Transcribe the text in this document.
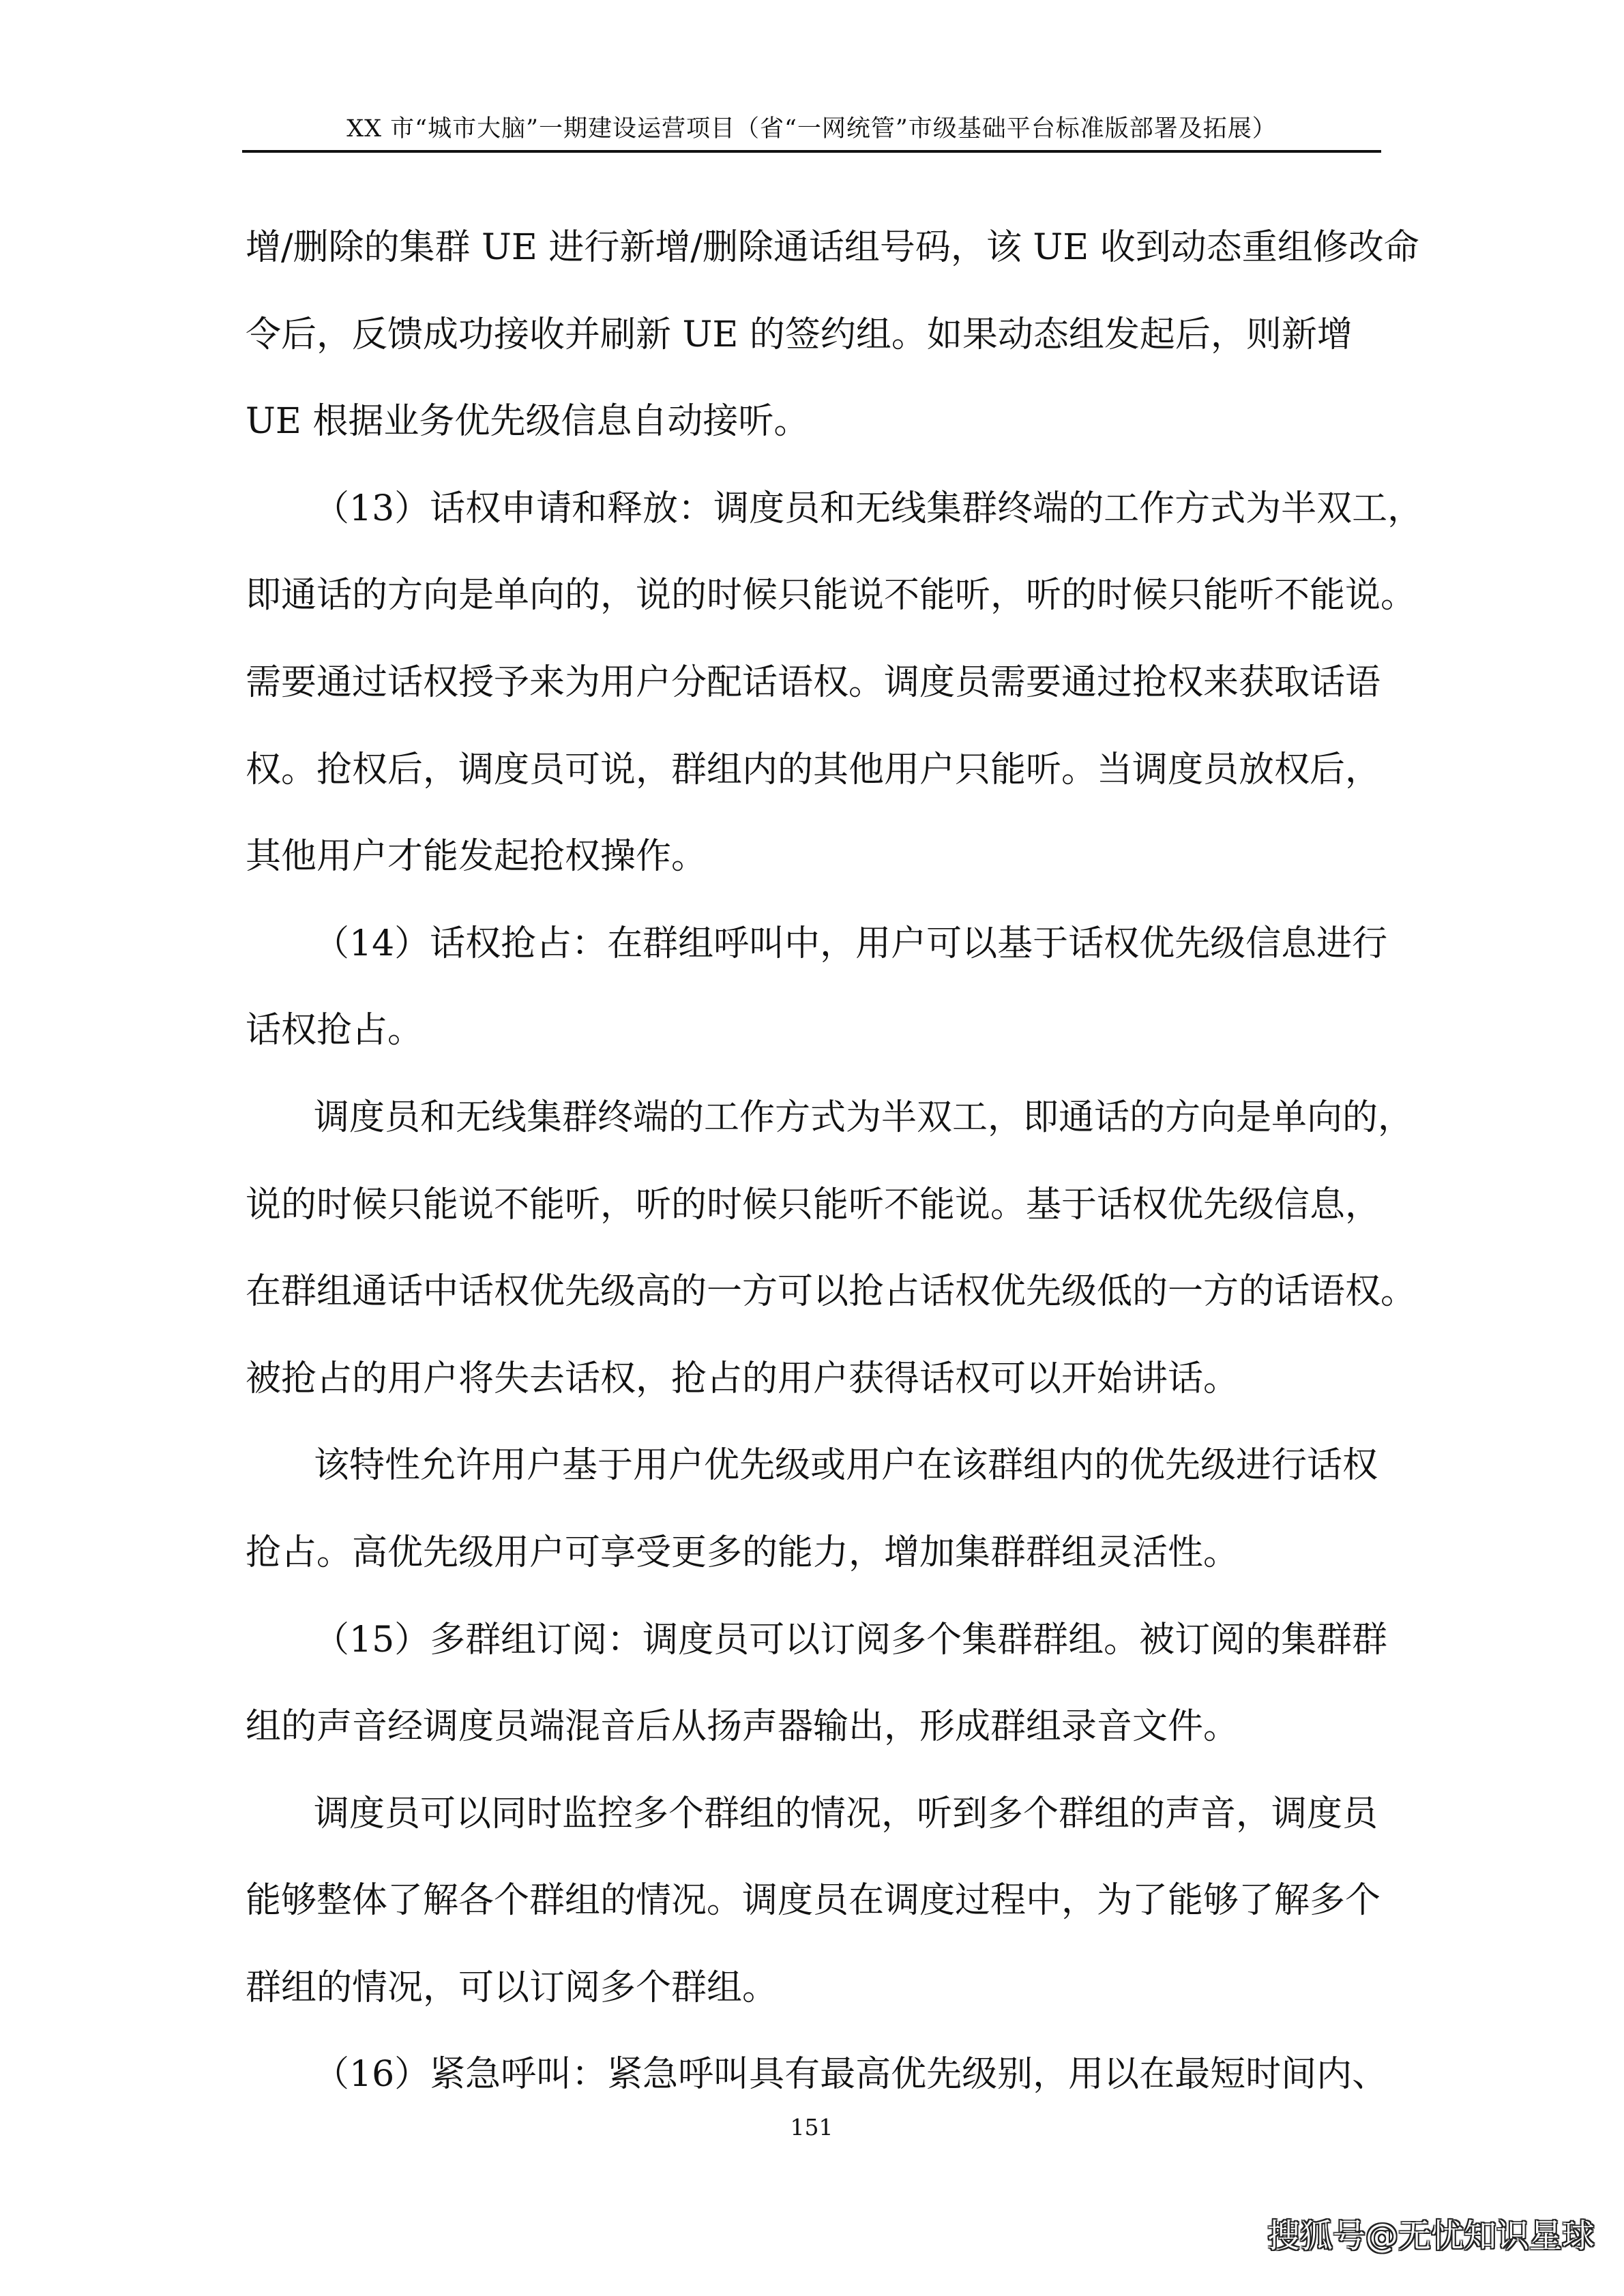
XX 市“城市大脑”一期建设运营项目（省“一网统管”市级基础平台标准版部署及拓展）
增/删除的集群 UE 进行新增/删除通话组号码，该 UE 收到动态重组修改命
令后，反馈成功接收并刷新 UE 的签约组。如果动态组发起后，则新增
UE 根据业务优先级信息自动接听。
（13）话权申请和释放：调度员和无线集群终端的工作方式为半双工，
即通话的方向是单向的，说的时候只能说不能听，听的时候只能听不能说。
需要通过话权授予来为用户分配话语权。调度员需要通过抢权来获取话语
权。抢权后，调度员可说，群组内的其他用户只能听。当调度员放权后，
其他用户才能发起抢权操作。
（14）话权抢占：在群组呼叫中，用户可以基于话权优先级信息进行
话权抢占。
调度员和无线集群终端的工作方式为半双工，即通话的方向是单向的，
说的时候只能说不能听，听的时候只能听不能说。基于话权优先级信息，
在群组通话中话权优先级高的一方可以抢占话权优先级低的一方的话语权。
被抢占的用户将失去话权，抢占的用户获得话权可以开始讲话。
该特性允许用户基于用户优先级或用户在该群组内的优先级进行话权
抢占。高优先级用户可享受更多的能力，增加集群群组灵活性。
（15）多群组订阅：调度员可以订阅多个集群群组。被订阅的集群群
组的声音经调度员端混音后从扬声器输出，形成群组录音文件。
调度员可以同时监控多个群组的情况，听到多个群组的声音，调度员
能够整体了解各个群组的情况。调度员在调度过程中，为了能够了解多个
群组的情况，可以订阅多个群组。
（16）紧急呼叫：紧急呼叫具有最高优先级别，用以在最短时间内、
151
搜狐号@无忧知识星球
